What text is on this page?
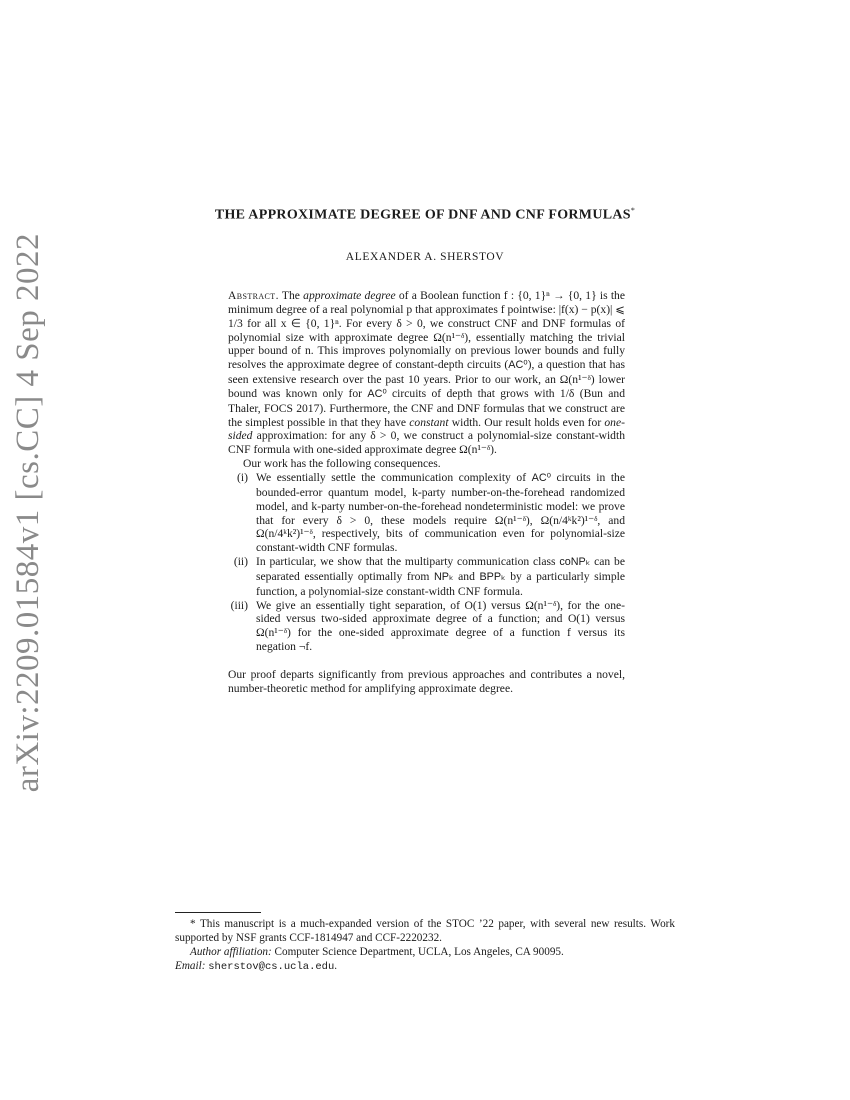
arXiv:2209.01584v1 [cs.CC] 4 Sep 2022
THE APPROXIMATE DEGREE OF DNF AND CNF FORMULAS*
ALEXANDER A. SHERSTOV

Abstract. The approximate degree of a Boolean function f : {0, 1}ⁿ → {0, 1} is the minimum degree of a real polynomial p that approximates f pointwise: |f(x) − p(x)| ⩽ 1/3 for all x ∈ {0, 1}ⁿ. For every δ > 0, we construct CNF and DNF formulas of polynomial size with approximate degree Ω(n¹⁻ᵟ), essentially matching the trivial upper bound of n. This improves polynomially on previous lower bounds and fully resolves the approximate degree of constant-depth circuits (AC⁰), a question that has seen extensive research over the past 10 years. Prior to our work, an Ω(n¹⁻ᵟ) lower bound was known only for AC⁰ circuits of depth that grows with 1/δ (Bun and Thaler, FOCS 2017). Furthermore, the CNF and DNF formulas that we construct are the simplest possible in that they have constant width. Our result holds even for one-sided approximation: for any δ > 0, we construct a polynomial-size constant-width CNF formula with one-sided approximate degree Ω(n¹⁻ᵟ).

Our work has the following consequences.

(i) We essentially settle the communication complexity of AC⁰ circuits in the bounded-error quantum model, k-party number-on-the-forehead randomized model, and k-party number-on-the-forehead nondeterministic model: we prove that for every δ > 0, these models require Ω(n¹⁻ᵟ), Ω(n/4ᵏk²)¹⁻ᵟ, and Ω(n/4ᵏk²)¹⁻ᵟ, respectively, bits of communication even for polynomial-size constant-width CNF formulas.
(ii) In particular, we show that the multiparty communication class coNPₖ can be separated essentially optimally from NPₖ and BPPₖ by a particularly simple function, a polynomial-size constant-width CNF formula.
(iii) We give an essentially tight separation, of O(1) versus Ω(n¹⁻ᵟ), for the one-sided versus two-sided approximate degree of a function; and O(1) versus Ω(n¹⁻ᵟ) for the one-sided approximate degree of a function f versus its negation ¬f.

Our proof departs significantly from previous approaches and contributes a novel, number-theoretic method for amplifying approximate degree.

* This manuscript is a much-expanded version of the STOC ’22 paper, with several new results. Work supported by NSF grants CCF-1814947 and CCF-2220232.

Author affiliation: Computer Science Department, UCLA, Los Angeles, CA 90095.

Email: sherstov@cs.ucla.edu.
